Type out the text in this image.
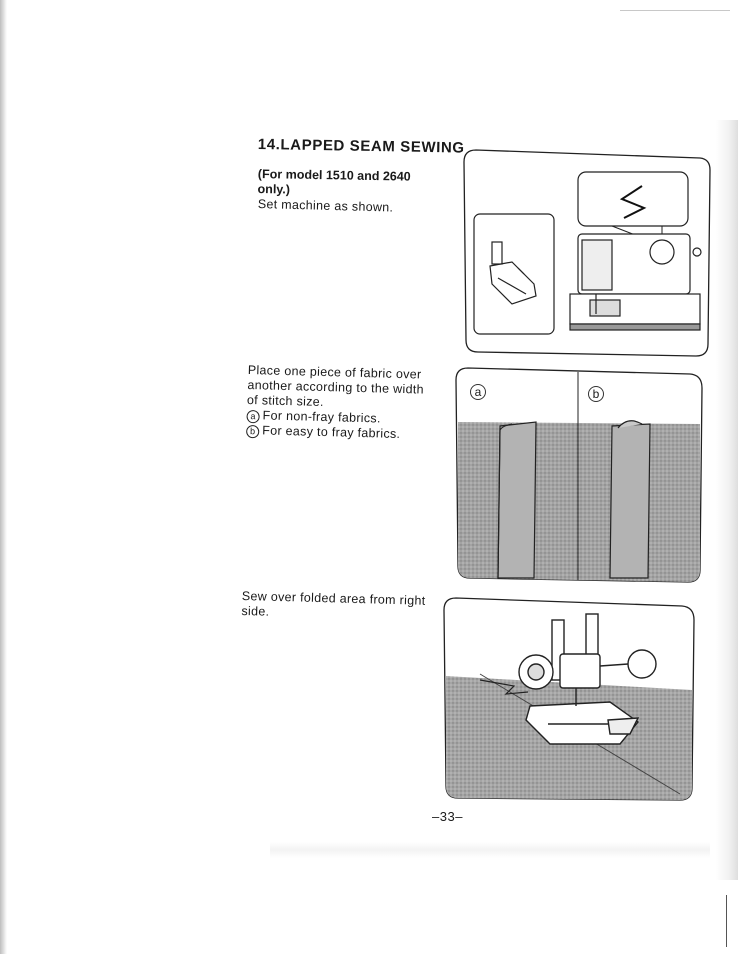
14.LAPPED SEAM SEWING
(For model 1510 and 2640
only.)
Set machine as shown.
Place one piece of fabric over
another according to the width
of stitch size.
a For non-fray fabrics.
b For easy to fray fabrics.
Sew over folded area from right
side.
a	b
–33–
